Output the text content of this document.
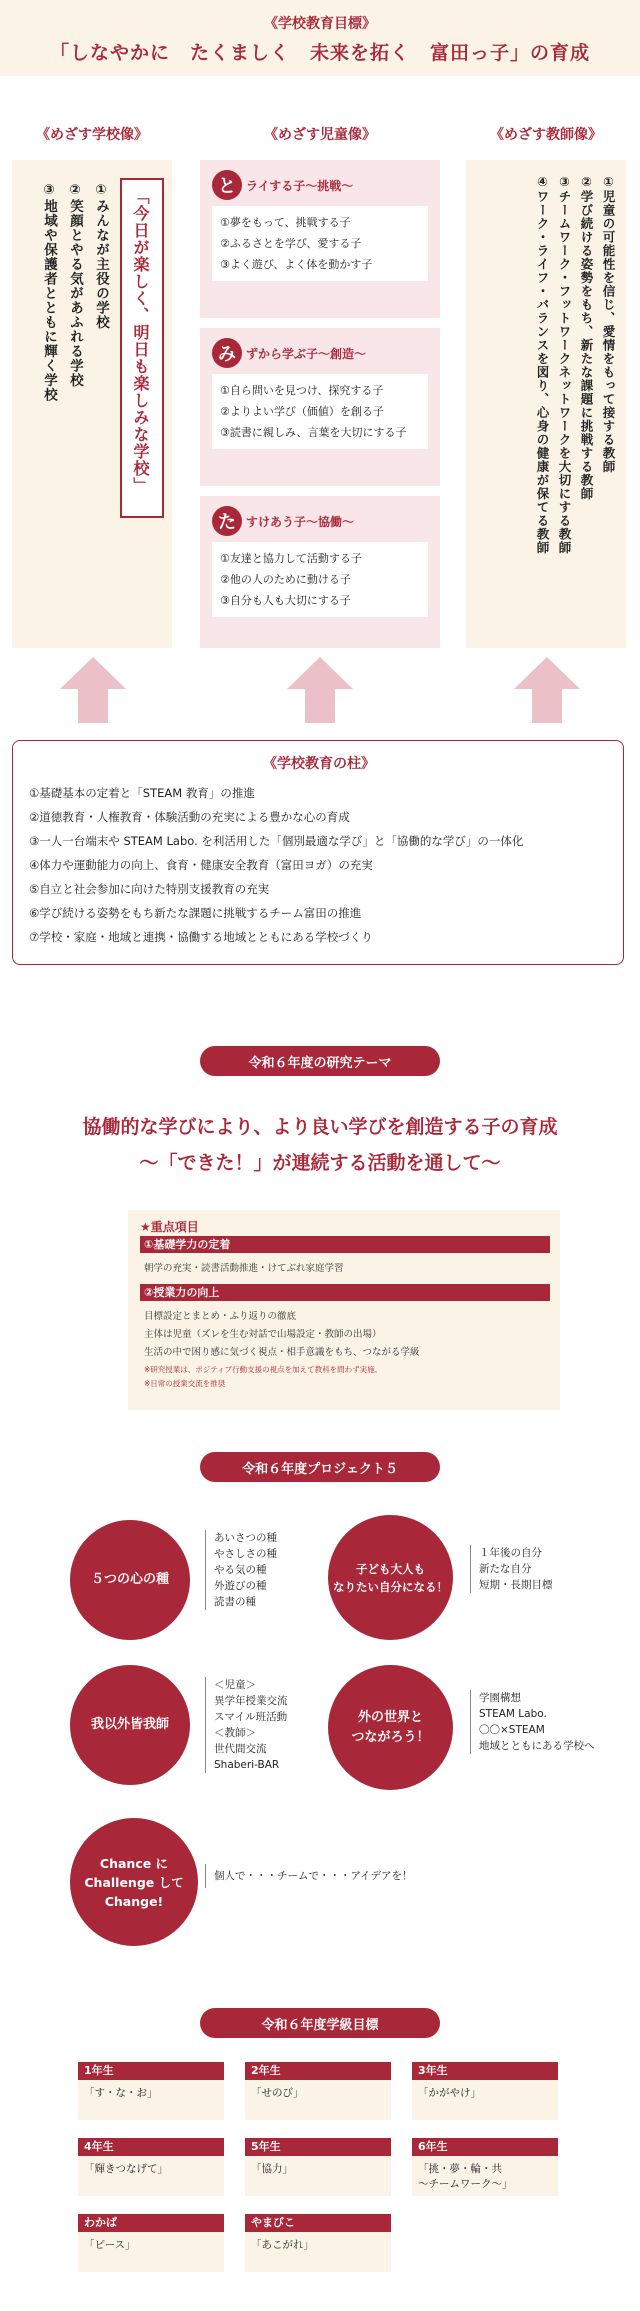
《学校教育目標》
「しなやかに　たくましく　未来を拓く　富田っ子」の育成
《めざす学校像》	《めざす児童像》	《めざす教師像》
「今日が楽しく、明日も楽しみな学校」
①みんなが主役の学校
②笑顔とやる気があふれる学校
③地域や保護者とともに輝く学校	と ライする子～挑戦～
①夢をもって、挑戦する子
②ふるさとを学び、愛する子
③よく遊び、よく体を動かす子
み ずから学ぶ子～創造～
①自ら問いを見つけ、探究する子
②よりよい学び（価値）を創る子
③読書に親しみ、言葉を大切にする子
た すけあう子～協働～
①友達と協力して活動する子
②他の人のために動ける子
③自分も人も大切にする子
①児童の可能性を信じ、愛情をもって接する教師
②学び続ける姿勢をもち、新たな課題に挑戦する教師
③チームワーク・フットワークネットワークを大切にする教師
④ワーク・ライフ・バランスを図り、心身の健康が保てる教師
《学校教育の柱》
①基礎基本の定着と「STEAM 教育」の推進
②道徳教育・人権教育・体験活動の充実による豊かな心の育成
③一人一台端末や STEAM Labo. を利活用した「個別最適な学び」と「協働的な学び」の一体化
④体力や運動能力の向上、食育・健康安全教育（富田ヨガ）の充実
⑤自立と社会参加に向けた特別支援教育の充実
⑥学び続ける姿勢をもち新たな課題に挑戦するチーム富田の推進
⑦学校・家庭・地域と連携・協働する地域とともにある学校づくり
令和６年度の研究テーマ
協働的な学びにより、より良い学びを創造する子の育成
～「できた！」が連続する活動を通して～
★重点項目
①基礎学力の定着
朝学の充実・読書活動推進・けてぶれ家庭学習
②授業力の向上
目標設定とまとめ・ふり返りの徹底
主体は児童（ズレを生む対話で山場設定・教師の出場）
生活の中で困り感に気づく視点・相手意識をもち、つながる学級
※研究授業は、ポジティブ行動支援の視点を加えて教科を問わず実施。
※日常の授業交流を推奨
令和６年度プロジェクト５
５つの心の種
あいさつの種
やさしさの種
やる気の種
外遊びの種
読書の種
子ども大人も
なりたい自分になる！
１年後の自分
新たな自分
短期・長期目標
我以外皆我師
＜児童＞
異学年授業交流
スマイル班活動
＜教師＞
世代間交流
Shaberi-BAR
外の世界と
つながろう！
学園構想
STEAM Labo.
〇〇×STEAM
地域とともにある学校へ
Chance に
Challenge して
Change!
個人で・・・チームで・・・アイデアを！
令和６年度学級目標
1年生
「す・な・お」
2年生
「せのび」
3年生
「かがやけ」
4年生
「輝きつなげて」
5年生
「協力」
6年生
「挑・夢・輪・共
～チームワーク～」
わかば
「ピース」
やまびこ
「あこがれ」
